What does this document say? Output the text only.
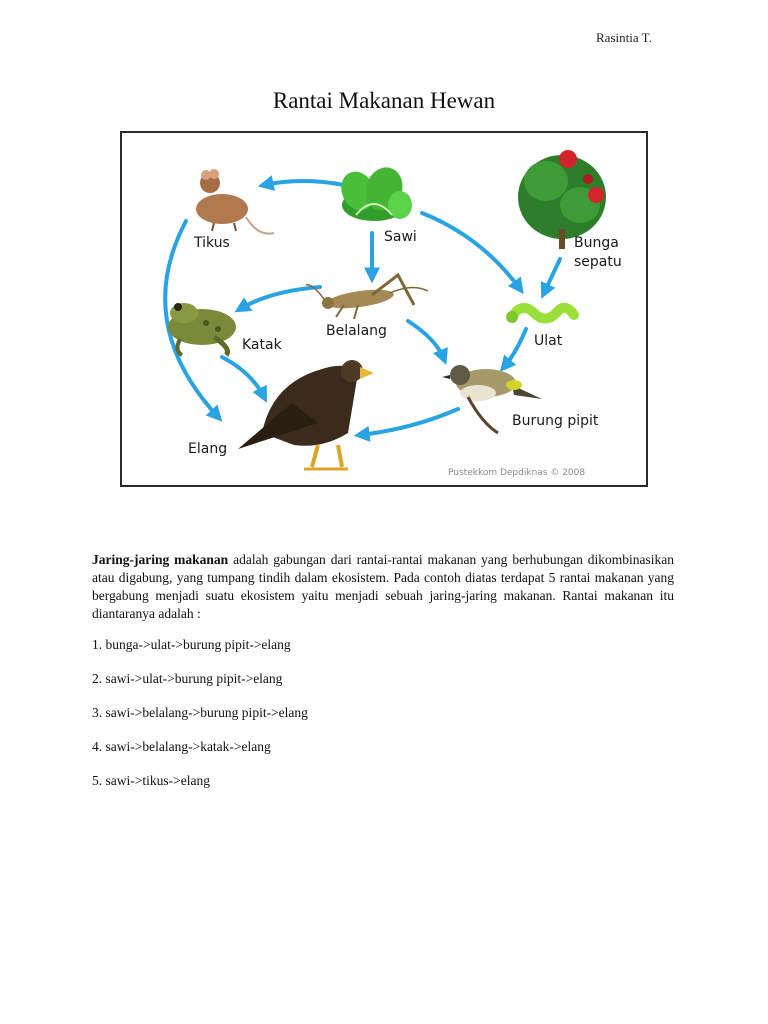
Rasintia T.
Rantai Makanan Hewan
Tikus	Sawi	Bunga
sepatu
Katak
Belalang
Ulat
Elang
Burung pipit
Pustekkom Depdiknas © 2008

Jaring-jaring makanan adalah gabungan dari rantai-rantai makanan yang berhubungan dikombinasikan atau digabung, yang tumpang tindih dalam ekosistem. Pada contoh diatas terdapat 5 rantai makanan yang bergabung menjadi suatu ekosistem yaitu menjadi sebuah jaring-jaring makanan. Rantai makanan itu diantaranya adalah :

1. bunga->ulat->burung pipit->elang
2. sawi->ulat->burung pipit->elang
3. sawi->belalang->burung pipit->elang
4. sawi->belalang->katak->elang
5. sawi->tikus->elang
